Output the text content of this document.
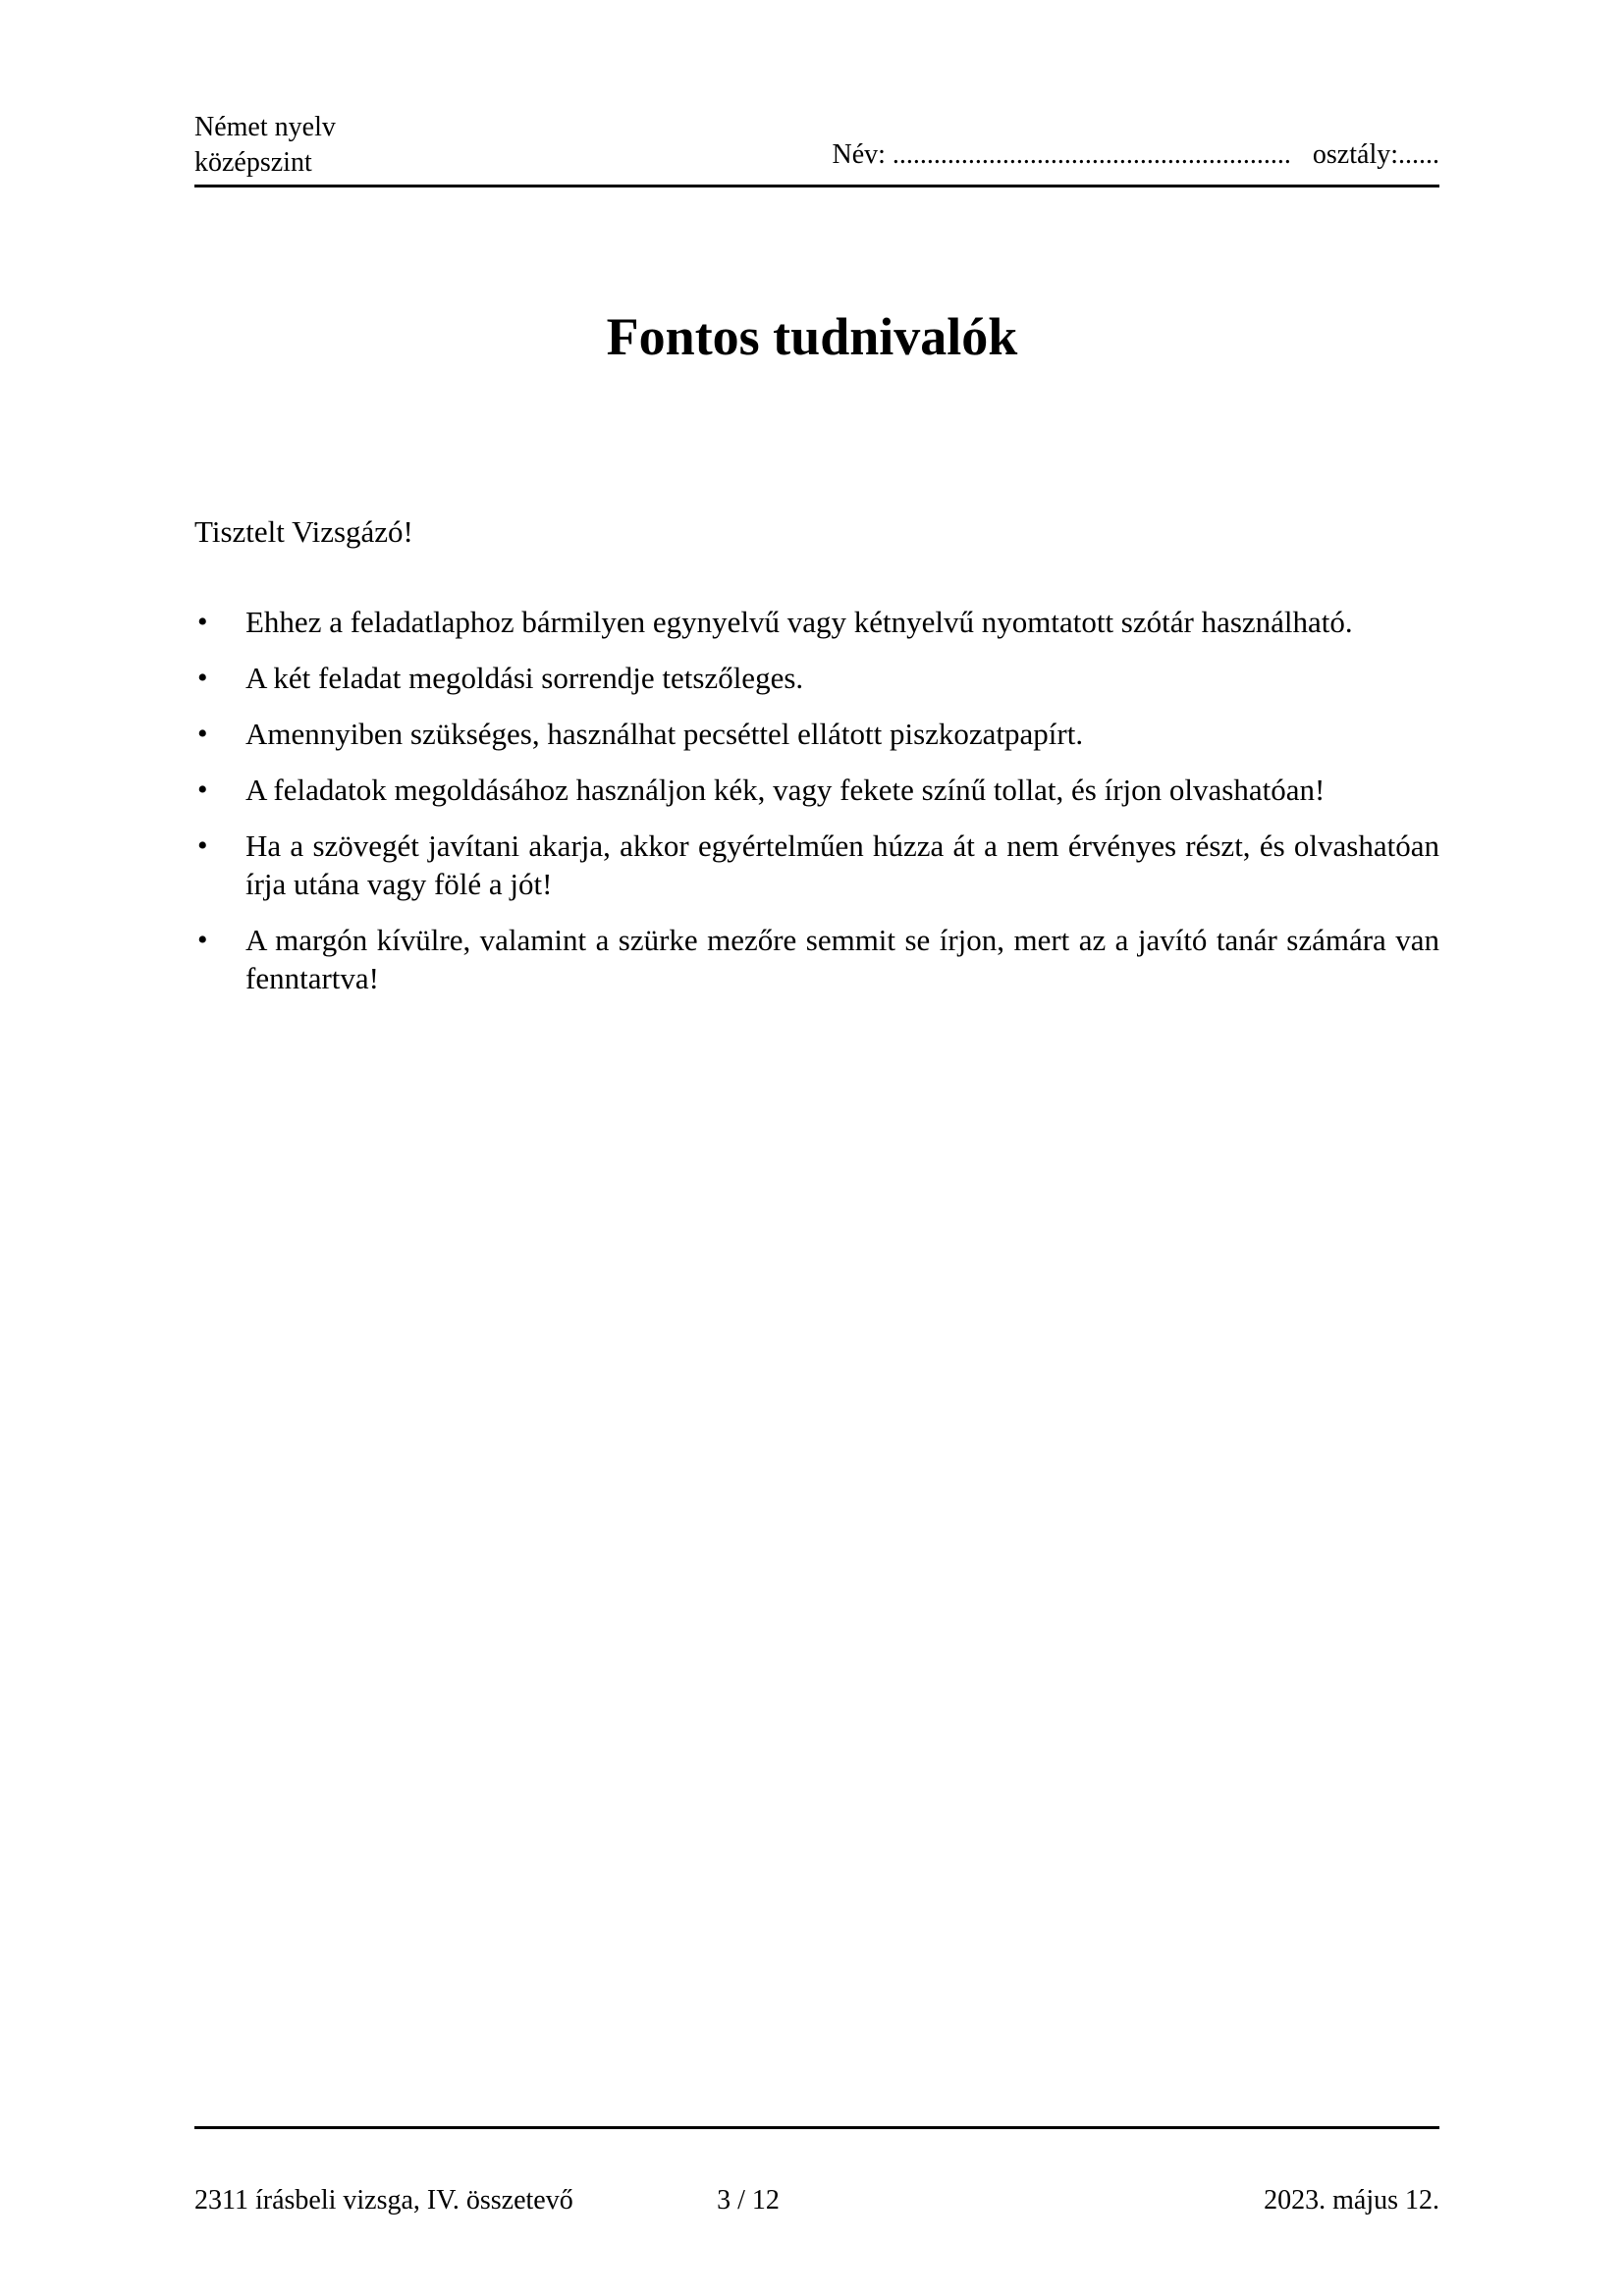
Német nyelv
középszint	Név: .......................................................... osztály:......
Fontos tudnivalók
Tisztelt Vizsgázó!
• Ehhez a feladatlaphoz bármilyen egynyelvű vagy kétnyelvű nyomtatott szótár használható.
• A két feladat megoldási sorrendje tetszőleges.
• Amennyiben szükséges, használhat pecséttel ellátott piszkozatpapírt.
• A feladatok megoldásához használjon kék, vagy fekete színű tollat, és írjon olvashatóan!
• Ha a szövegét javítani akarja, akkor egyértelműen húzza át a nem érvényes részt, és olvashatóan írja utána vagy fölé a jót!
• A margón kívülre, valamint a szürke mezőre semmit se írjon, mert az a javító tanár számára van fenntartva!
2311 írásbeli vizsga, IV. összetevő	3 / 12	2023. május 12.
